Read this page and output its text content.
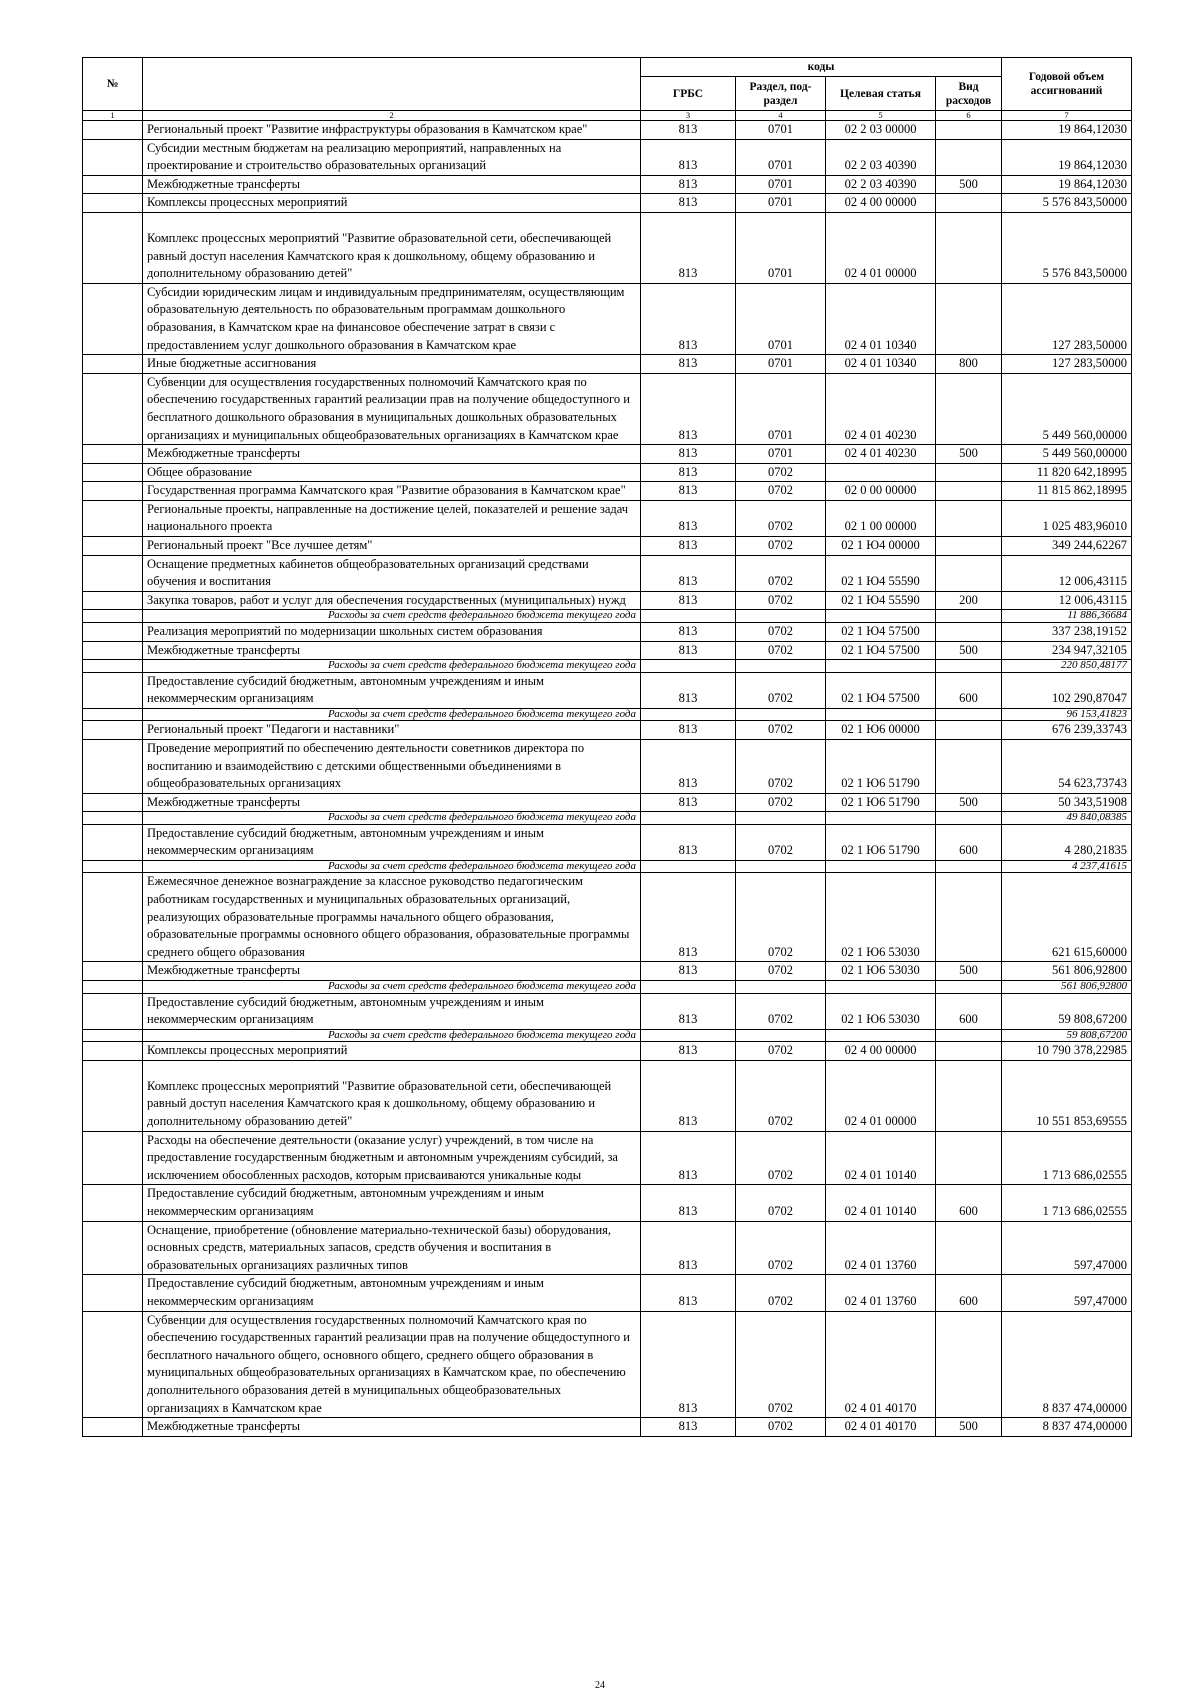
№		коды				Годовой объем ассигнований
		ГРБС	Раздел, под-раздел	Целевая статья	Вид расходов	
1	2	3	4	5	6	7
	Региональный проект "Развитие инфраструктуры образования в Камчатском крае"	813	0701	02 2 03 00000		19 864,12030
	Субсидии местным бюджетам на реализацию мероприятий, направленных на проектирование и строительство образовательных организаций	813	0701	02 2 03 40390		19 864,12030
	Межбюджетные трансферты	813	0701	02 2 03 40390	500	19 864,12030
	Комплексы процессных мероприятий	813	0701	02 4 00 00000		5 576 843,50000
	Комплекс процессных мероприятий "Развитие образовательной сети, обеспечивающей равный доступ населения Камчатского края к дошкольному, общему образованию и дополнительному образованию детей"	813	0701	02 4 01 00000		5 576 843,50000
	Субсидии юридическим лицам и индивидуальным предпринимателям, осуществляющим образовательную деятельность по образовательным программам дошкольного образования, в Камчатском крае на финансовое обеспечение затрат в связи с предоставлением услуг дошкольного образования в Камчатском крае	813	0701	02 4 01 10340		127 283,50000
	Иные бюджетные ассигнования	813	0701	02 4 01 10340	800	127 283,50000
	Субвенции для осуществления государственных полномочий Камчатского края по обеспечению государственных гарантий реализации прав на получение общедоступного и бесплатного дошкольного образования в муниципальных дошкольных образовательных организациях и муниципальных общеобразовательных организациях в Камчатском крае	813	0701	02 4 01 40230		5 449 560,00000
	Межбюджетные трансферты	813	0701	02 4 01 40230	500	5 449 560,00000
	Общее образование	813	0702			11 820 642,18995
	Государственная программа Камчатского края "Развитие образования в Камчатском крае"	813	0702	02 0 00 00000		11 815 862,18995
	Региональные проекты, направленные на достижение целей, показателей и решение задач национального проекта	813	0702	02 1 00 00000		1 025 483,96010
	Региональный проект "Все лучшее детям"	813	0702	02 1 Ю4 00000		349 244,62267
	Оснащение предметных кабинетов общеобразовательных организаций средствами обучения и воспитания	813	0702	02 1 Ю4 55590		12 006,43115
	Закупка товаров, работ и услуг для обеспечения государственных (муниципальных) нужд	813	0702	02 1 Ю4 55590	200	12 006,43115
	Расходы за счет средств федерального бюджета текущего года					11 886,36684
	Реализация мероприятий по модернизации школьных систем образования	813	0702	02 1 Ю4 57500		337 238,19152
	Межбюджетные трансферты	813	0702	02 1 Ю4 57500	500	234 947,32105
	Расходы за счет средств федерального бюджета текущего года					220 850,48177
	Предоставление субсидий бюджетным, автономным учреждениям и иным некоммерческим организациям	813	0702	02 1 Ю4 57500	600	102 290,87047
	Расходы за счет средств федерального бюджета текущего года					96 153,41823
	Региональный проект "Педагоги и наставники"	813	0702	02 1 Ю6 00000		676 239,33743
	Проведение мероприятий по обеспечению деятельности советников директора по воспитанию и взаимодействию с детскими общественными объединениями в общеобразовательных организациях	813	0702	02 1 Ю6 51790		54 623,73743
	Межбюджетные трансферты	813	0702	02 1 Ю6 51790	500	50 343,51908
	Расходы за счет средств федерального бюджета текущего года					49 840,08385
	Предоставление субсидий бюджетным, автономным учреждениям и иным некоммерческим организациям	813	0702	02 1 Ю6 51790	600	4 280,21835
	Расходы за счет средств федерального бюджета текущего года					4 237,41615
	Ежемесячное денежное вознаграждение за классное руководство педагогическим работникам государственных и муниципальных образовательных организаций, реализующих образовательные программы начального общего образования, образовательные программы основного общего образования, образовательные программы среднего общего образования	813	0702	02 1 Ю6 53030		621 615,60000
	Межбюджетные трансферты	813	0702	02 1 Ю6 53030	500	561 806,92800
	Расходы за счет средств федерального бюджета текущего года					561 806,92800
	Предоставление субсидий бюджетным, автономным учреждениям и иным некоммерческим организациям	813	0702	02 1 Ю6 53030	600	59 808,67200
	Расходы за счет средств федерального бюджета текущего года					59 808,67200
	Комплексы процессных мероприятий	813	0702	02 4 00 00000		10 790 378,22985
	Комплекс процессных мероприятий "Развитие образовательной сети, обеспечивающей равный доступ населения Камчатского края к дошкольному, общему образованию и дополнительному образованию детей"	813	0702	02 4 01 00000		10 551 853,69555
	Расходы на обеспечение деятельности (оказание услуг) учреждений, в том числе на предоставление государственным бюджетным и автономным учреждениям субсидий, за исключением обособленных расходов, которым присваиваются уникальные коды	813	0702	02 4 01 10140		1 713 686,02555
	Предоставление субсидий бюджетным, автономным учреждениям и иным некоммерческим организациям	813	0702	02 4 01 10140	600	1 713 686,02555
	Оснащение, приобретение (обновление материально-технической базы) оборудования, основных средств, материальных запасов, средств обучения и воспитания в образовательных организациях различных типов	813	0702	02 4 01 13760		597,47000
	Предоставление субсидий бюджетным, автономным учреждениям и иным некоммерческим организациям	813	0702	02 4 01 13760	600	597,47000
	Субвенции для осуществления государственных полномочий Камчатского края по обеспечению государственных гарантий реализации прав на получение общедоступного и бесплатного начального общего, основного общего, среднего общего образования в муниципальных общеобразовательных организациях в Камчатском крае, по обеспечению дополнительного образования детей в муниципальных общеобразовательных организациях в Камчатском крае	813	0702	02 4 01 40170		8 837 474,00000
	Межбюджетные трансферты	813	0702	02 4 01 40170	500	8 837 474,00000
24
